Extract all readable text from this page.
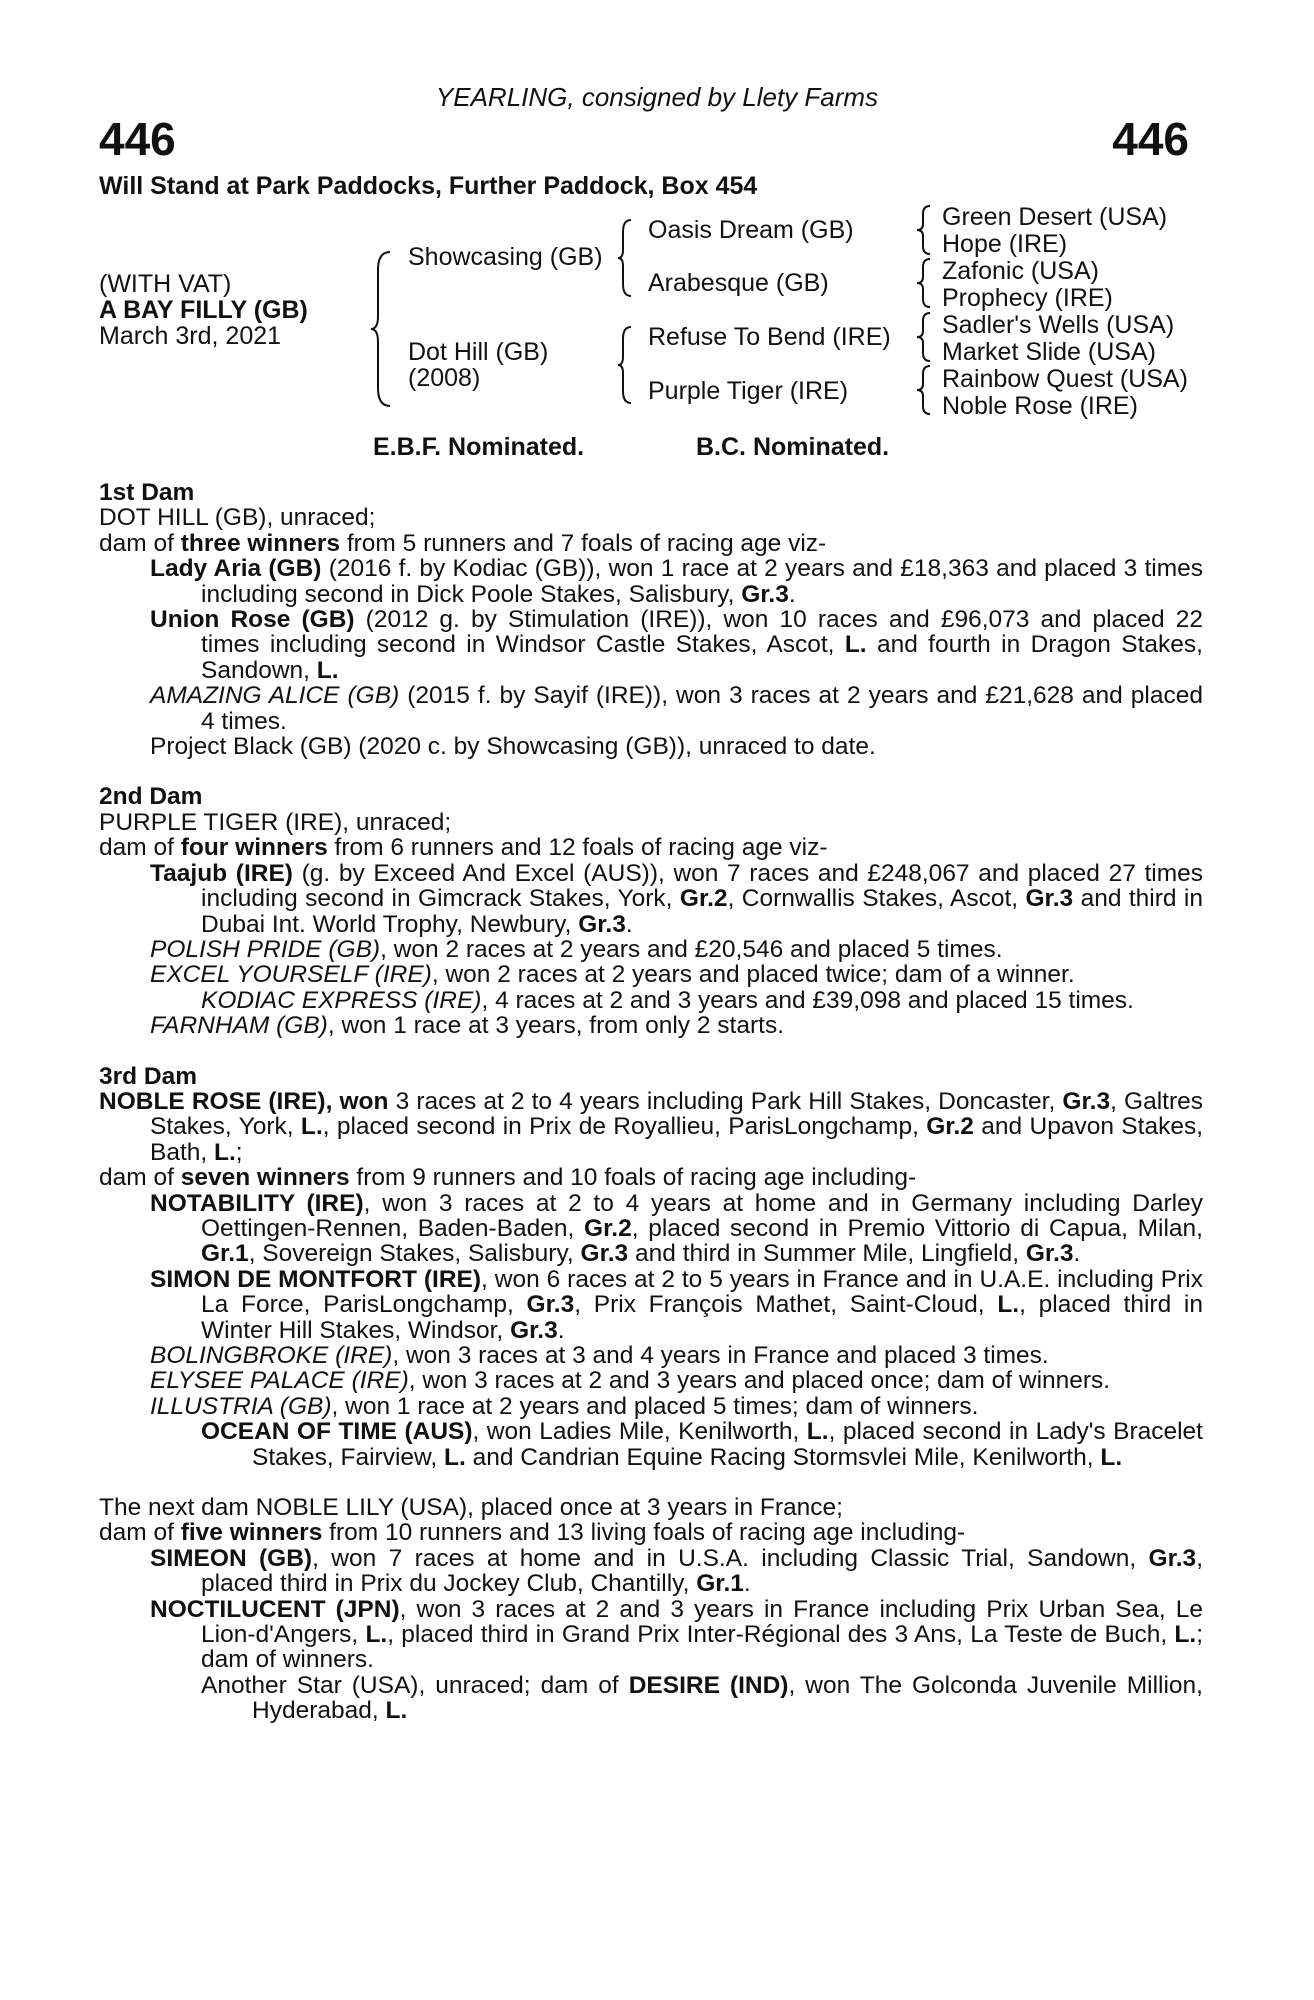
YEARLING, consigned by Llety Farms
446	446
Will Stand at Park Paddocks, Further Paddock, Box 454
(WITH VAT)
A BAY FILLY (GB)
March 3rd, 2021
Showcasing (GB)
Dot Hill (GB)
(2008)
Oasis Dream (GB)
Arabesque (GB)
Refuse To Bend (IRE)
Purple Tiger (IRE)
Green Desert (USA)
Hope (IRE)
Zafonic (USA)
Prophecy (IRE)
Sadler's Wells (USA)
Market Slide (USA)
Rainbow Quest (USA)
Noble Rose (IRE)
E.B.F. Nominated.	B.C. Nominated.
1st Dam
DOT HILL (GB), unraced;
dam of three winners from 5 runners and 7 foals of racing age viz-
Lady Aria (GB) (2016 f. by Kodiac (GB)), won 1 race at 2 years and £18,363 and placed 3 times including second in Dick Poole Stakes, Salisbury, Gr.3.
Union Rose (GB) (2012 g. by Stimulation (IRE)), won 10 races and £96,073 and placed 22 times including second in Windsor Castle Stakes, Ascot, L. and fourth in Dragon Stakes, Sandown, L.
AMAZING ALICE (GB) (2015 f. by Sayif (IRE)), won 3 races at 2 years and £21,628 and placed 4 times.
Project Black (GB) (2020 c. by Showcasing (GB)), unraced to date.
2nd Dam
PURPLE TIGER (IRE), unraced;
dam of four winners from 6 runners and 12 foals of racing age viz-
Taajub (IRE) (g. by Exceed And Excel (AUS)), won 7 races and £248,067 and placed 27 times including second in Gimcrack Stakes, York, Gr.2, Cornwallis Stakes, Ascot, Gr.3 and third in Dubai Int. World Trophy, Newbury, Gr.3.
POLISH PRIDE (GB), won 2 races at 2 years and £20,546 and placed 5 times.
EXCEL YOURSELF (IRE), won 2 races at 2 years and placed twice; dam of a winner.
KODIAC EXPRESS (IRE), 4 races at 2 and 3 years and £39,098 and placed 15 times.
FARNHAM (GB), won 1 race at 3 years, from only 2 starts.
3rd Dam
NOBLE ROSE (IRE), won 3 races at 2 to 4 years including Park Hill Stakes, Doncaster, Gr.3, Galtres Stakes, York, L., placed second in Prix de Royallieu, ParisLongchamp, Gr.2 and Upavon Stakes, Bath, L.;
dam of seven winners from 9 runners and 10 foals of racing age including-
NOTABILITY (IRE), won 3 races at 2 to 4 years at home and in Germany including Darley Oettingen-Rennen, Baden-Baden, Gr.2, placed second in Premio Vittorio di Capua, Milan, Gr.1, Sovereign Stakes, Salisbury, Gr.3 and third in Summer Mile, Lingfield, Gr.3.
SIMON DE MONTFORT (IRE), won 6 races at 2 to 5 years in France and in U.A.E. including Prix La Force, ParisLongchamp, Gr.3, Prix François Mathet, Saint-Cloud, L., placed third in Winter Hill Stakes, Windsor, Gr.3.
BOLINGBROKE (IRE), won 3 races at 3 and 4 years in France and placed 3 times.
ELYSEE PALACE (IRE), won 3 races at 2 and 3 years and placed once; dam of winners.
ILLUSTRIA (GB), won 1 race at 2 years and placed 5 times; dam of winners.
OCEAN OF TIME (AUS), won Ladies Mile, Kenilworth, L., placed second in Lady's Bracelet Stakes, Fairview, L. and Candrian Equine Racing Stormsvlei Mile, Kenilworth, L.
The next dam NOBLE LILY (USA), placed once at 3 years in France;
dam of five winners from 10 runners and 13 living foals of racing age including-
SIMEON (GB), won 7 races at home and in U.S.A. including Classic Trial, Sandown, Gr.3, placed third in Prix du Jockey Club, Chantilly, Gr.1.
NOCTILUCENT (JPN), won 3 races at 2 and 3 years in France including Prix Urban Sea, Le Lion-d'Angers, L., placed third in Grand Prix Inter-Régional des 3 Ans, La Teste de Buch, L.; dam of winners.
Another Star (USA), unraced; dam of DESIRE (IND), won The Golconda Juvenile Million, Hyderabad, L.
